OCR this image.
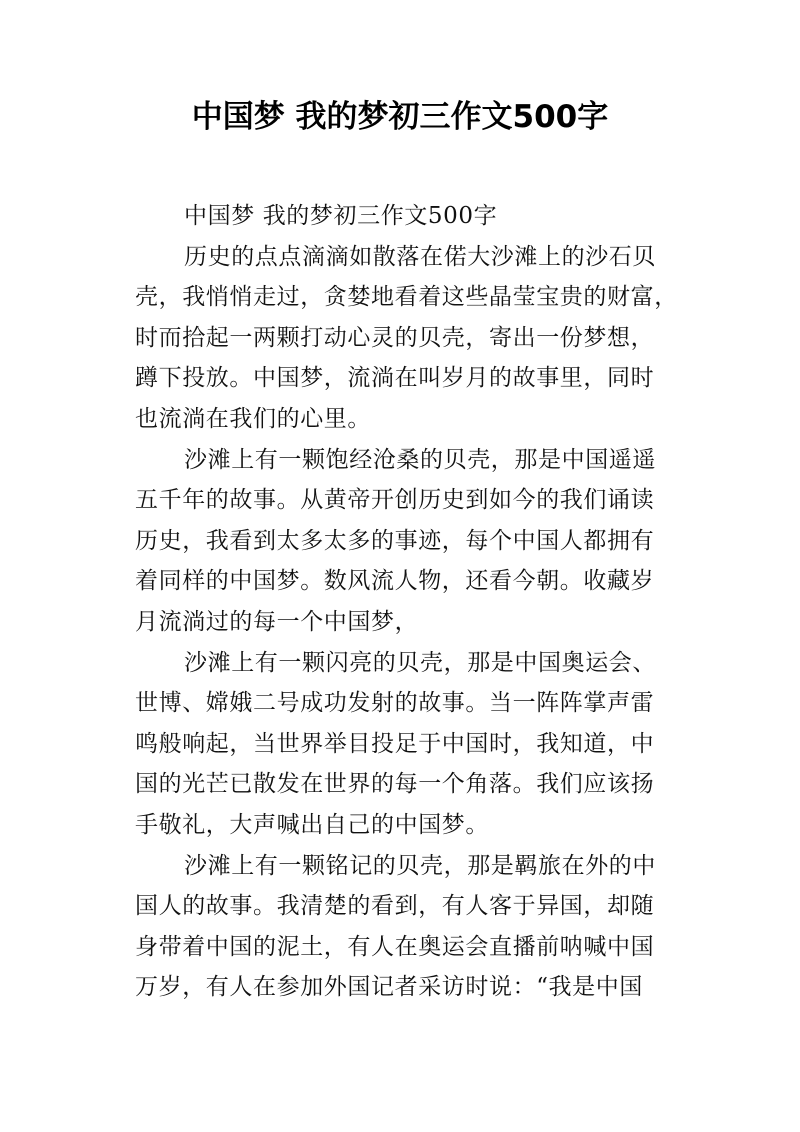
中国梦 我的梦初三作文500字
中国梦 我的梦初三作文500字
历史的点点滴滴如散落在偌大沙滩上的沙石贝
壳，我悄悄走过，贪婪地看着这些晶莹宝贵的财富，
时而拾起一两颗打动心灵的贝壳，寄出一份梦想，
蹲下投放。中国梦，流淌在叫岁月的故事里，同时
也流淌在我们的心里。
沙滩上有一颗饱经沧桑的贝壳，那是中国遥遥
五千年的故事。从黄帝开创历史到如今的我们诵读
历史，我看到太多太多的事迹，每个中国人都拥有
着同样的中国梦。数风流人物，还看今朝。收藏岁
月流淌过的每一个中国梦，
沙滩上有一颗闪亮的贝壳，那是中国奥运会、
世博、嫦娥二号成功发射的故事。当一阵阵掌声雷
鸣般响起，当世界举目投足于中国时，我知道，中
国的光芒已散发在世界的每一个角落。我们应该扬
手敬礼，大声喊出自己的中国梦。
沙滩上有一颗铭记的贝壳，那是羁旅在外的中
国人的故事。我清楚的看到，有人客于异国，却随
身带着中国的泥土，有人在奥运会直播前呐喊中国
万岁，有人在参加外国记者采访时说：“我是中国
